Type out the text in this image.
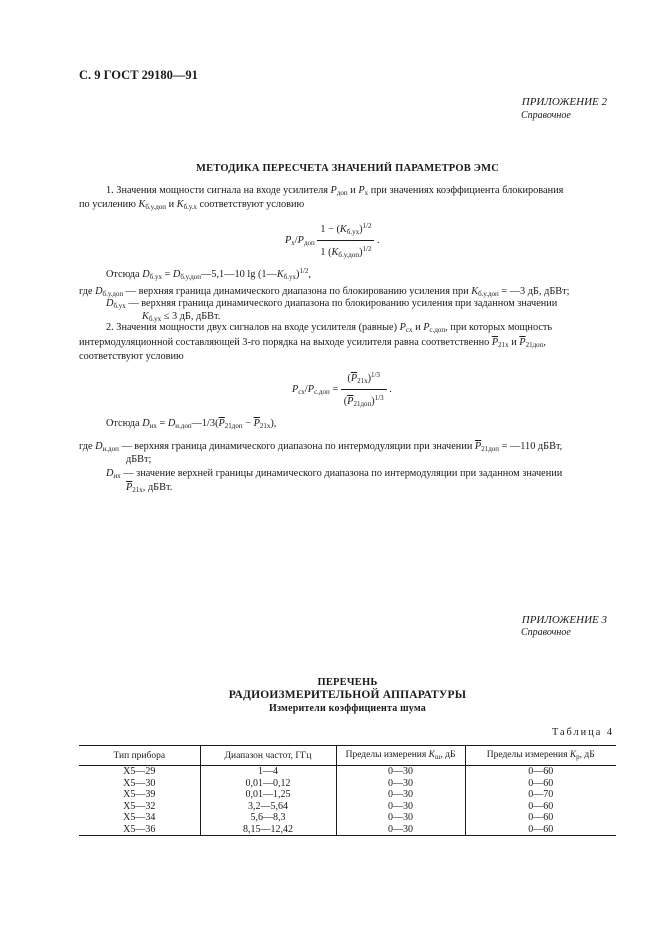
С. 9 ГОСТ 29180—91
ПРИЛОЖЕНИЕ 2
Справочное
МЕТОДИКА ПЕРЕСЧЕТА ЗНАЧЕНИЙ ПАРАМЕТРОВ ЭМС
1. Значения мощности сигнала на входе усилителя $P_{доп}$ и $P_x$ при значениях коэффициента блокирования
по усилению $K_{б.у.доп}$ и $K_{б.у.x}$ соответствуют условию
$P_x/P_{доп} \frac{1 - (K_{б.ух})^{1/2}}{1 (K_{б.у.доп})^{1/2}}$ .
Отсюда $D_{б.ух}$ = $D_{б.у.доп}—5,1—10$ $\lg (1—K_{б.ух})^{1/2}$,
где $D_{б.у.доп}$ — верхняя граница динамического диапазона по блокированию усиления при $K_{б.у.доп}$ = —3 дБ, дБВт;
$D_{б.ух}$ — верхняя граница динамического диапазона по блокированию усиления при заданном значении
$K_{б.ух} \le 3$ дБ, дБВт.
2. Значения мощности двух сигналов на входе усилителя (равные) $P_{сx}$ и $P_{с.доп}$, при которых мощность
интермодуляционной составляющей 3-го порядка на выходе усилителя равна соответственно $\overline{P}_{21x}$ и $\overline{P}_{21доп}$,
соответствуют условию
$P_{сx}/P_{с.доп} = \frac{(\overline{P}_{21x})^{1/3}}{(\overline{P}_{21доп})^{1/3}}$ .
Отсюда $D_{их}$ = $D_{и.доп}—1/3(\overline{P}_{21доп} - \overline{P}_{21x})$,
где $D_{и.доп}$ — верхняя граница динамического диапазона по интермодуляции при значении $\overline{P}_{21доп}$ = —110 дБВт,
дБВт;
$D_{их}$ — значение верхней границы динамического диапазона по интермодуляции при заданном значении
$\overline{P}_{21x}$, дБВт.
ПРИЛОЖЕНИЕ 3
Справочное
ПЕРЕЧЕНЬ
РАДИОИЗМЕРИТЕЛЬНОЙ АППАРАТУРЫ
Измерители коэффициента шума
Таблица 4
Тип прибора	Диапазон частот, ГГц	Пределы измерения $K_ш$, дБ	Пределы измерения $K_р$, дБ
Х5—29	1—4	0—30	0—60
Х5—30	0,01—0,12	0—30	0—60
Х5—39	0,01—1,25	0—30	0—70
Х5—32	3,2—5,64	0—30	0—60
Х5—34	5,6—8,3	0—30	0—60
Х5—36	8,15—12,42	0—30	0—60
